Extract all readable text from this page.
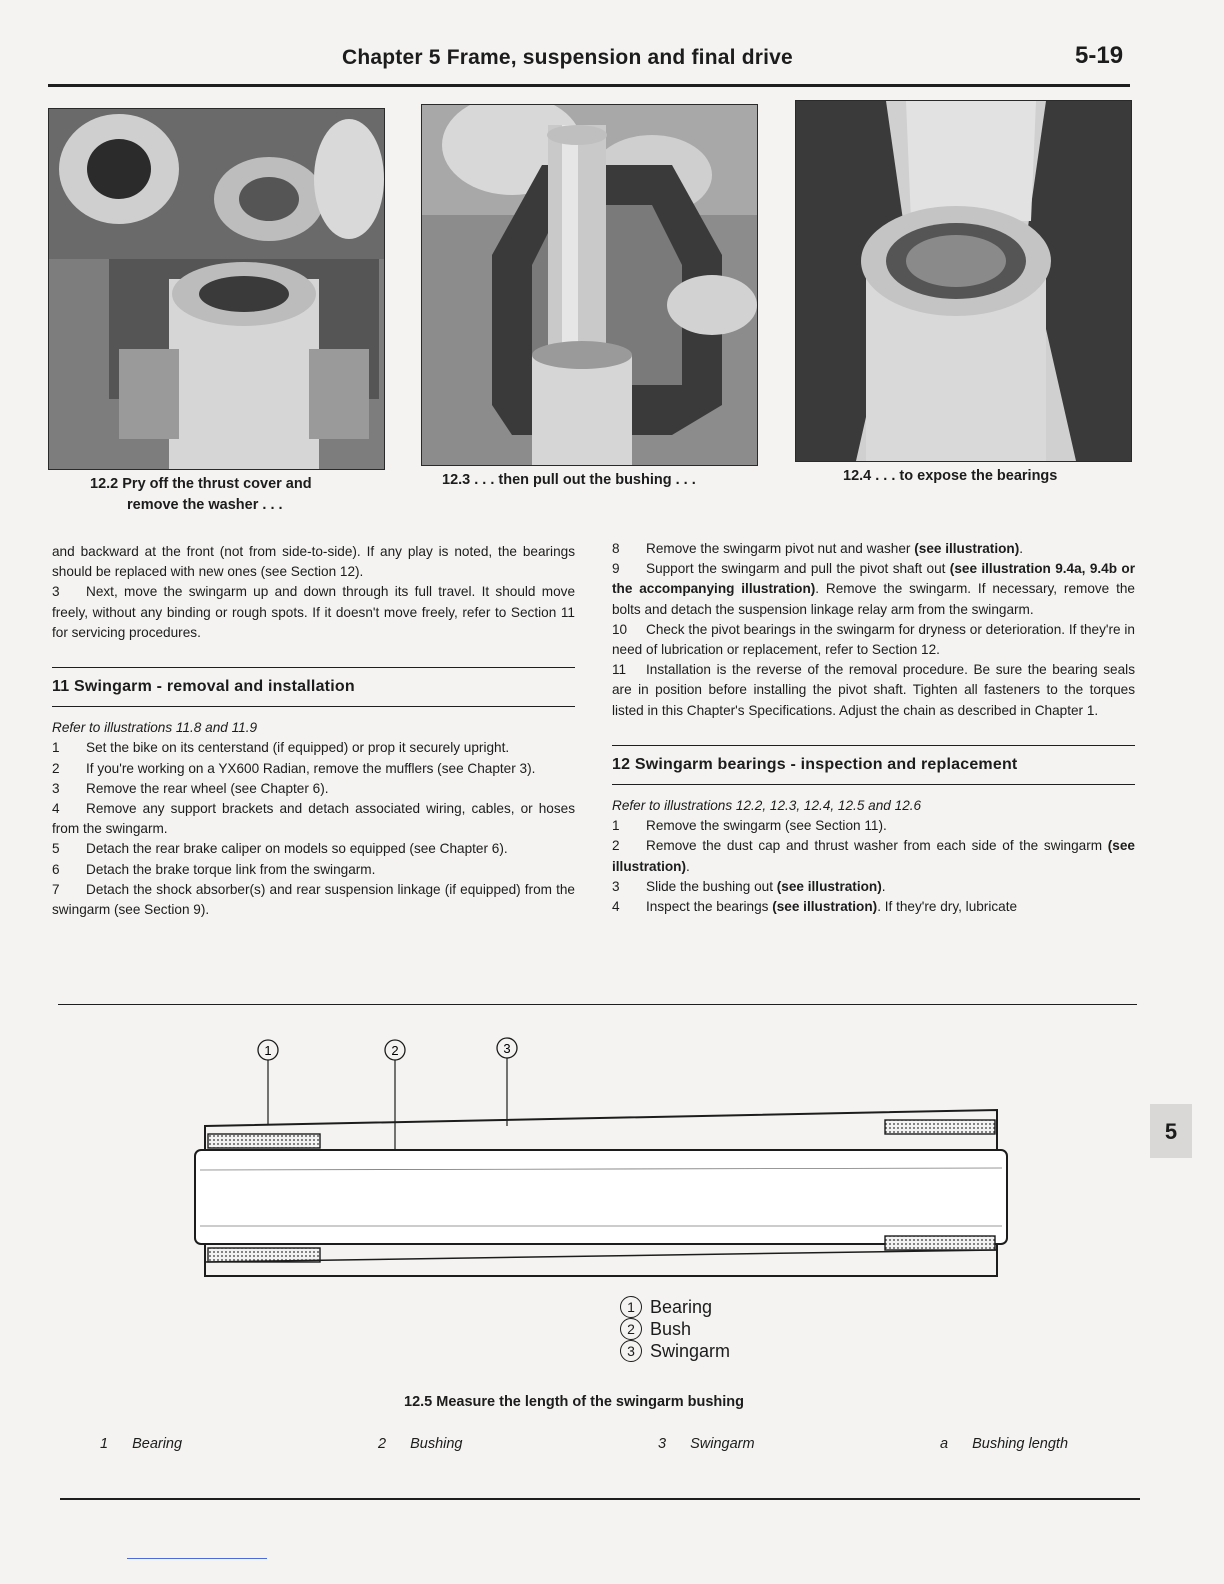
Chapter 5 Frame, suspension and final drive	5-19
12.2 Pry off the thrust cover and
remove the washer . . .
12.3 . . . then pull out the bushing . . .	12.4 . . . to expose the bearings

and backward at the front (not from side-to-side). If any play is noted, the bearings should be replaced with new ones (see Section 12).

3 Next, move the swingarm up and down through its full travel. It should move freely, without any binding or rough spots. If it doesn't move freely, refer to Section 11 for servicing procedures.

11 Swingarm - removal and installation

Refer to illustrations 11.8 and 11.9

1 Set the bike on its centerstand (if equipped) or prop it securely upright.

2 If you're working on a YX600 Radian, remove the mufflers (see Chapter 3).

3 Remove the rear wheel (see Chapter 6).

4 Remove any support brackets and detach associated wiring, cables, or hoses from the swingarm.

5 Detach the rear brake caliper on models so equipped (see Chapter 6).

6 Detach the brake torque link from the swingarm.

7 Detach the shock absorber(s) and rear suspension linkage (if equipped) from the swingarm (see Section 9).

8 Remove the swingarm pivot nut and washer (see illustration).

9 Support the swingarm and pull the pivot shaft out (see illustration 9.4a, 9.4b or the accompanying illustration). Remove the swingarm. If necessary, remove the bolts and detach the suspension linkage relay arm from the swingarm.

10 Check the pivot bearings in the swingarm for dryness or deterioration. If they're in need of lubrication or replacement, refer to Section 12.

11 Installation is the reverse of the removal procedure. Be sure the bearing seals are in position before installing the pivot shaft. Tighten all fasteners to the torques listed in this Chapter's Specifications. Adjust the chain as described in Chapter 1.

12 Swingarm bearings - inspection and replacement

Refer to illustrations 12.2, 12.3, 12.4, 12.5 and 12.6

1 Remove the swingarm (see Section 11).

2 Remove the dust cap and thrust washer from each side of the swingarm (see illustration).

3 Slide the bushing out (see illustration).

4 Inspect the bearings (see illustration). If they're dry, lubricate

5
1	2	3
1 Bearing
2 Bush
3 Swingarm
12.5 Measure the length of the swingarm bushing
1 Bearing	2 Bushing	3 Swingarm	a Bushing length
